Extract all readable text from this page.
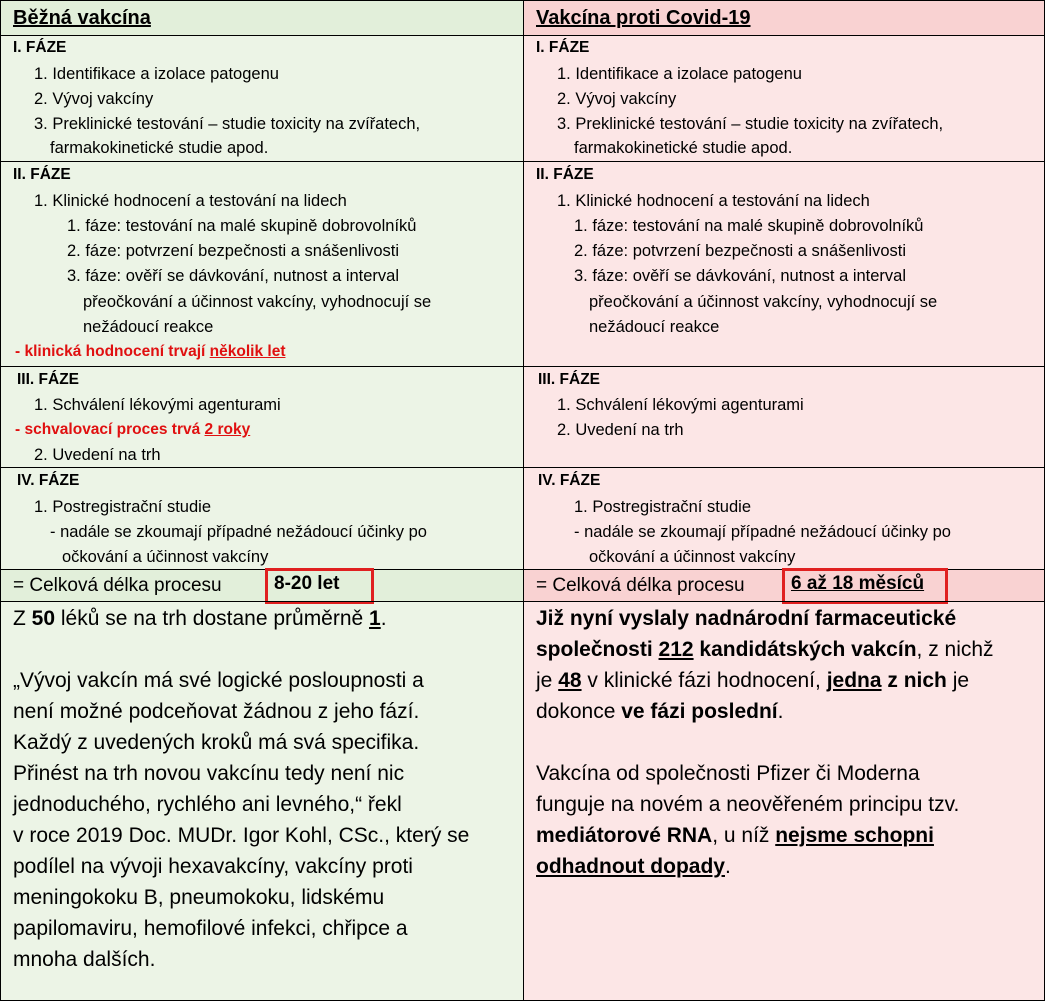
Běžná vakcína
I. FÁZE
1. Identifikace a izolace patogenu
2. Vývoj vakcíny
3. Preklinické testování – studie toxicity na zvířatech,
farmakokinetické studie apod.
II. FÁZE
1. Klinické hodnocení a testování na lidech
1. fáze: testování na malé skupině dobrovolníků
2. fáze: potvrzení bezpečnosti a snášenlivosti
3. fáze: ověří se dávkování, nutnost a interval
přeočkování a účinnost vakcíny, vyhodnocují se
nežádoucí reakce
- klinická hodnocení trvají několik let
III. FÁZE
1. Schválení lékovými agenturami
- schvalovací proces trvá 2 roky
2. Uvedení na trh
IV. FÁZE
1. Postregistrační studie
- nadále se zkoumají případné nežádoucí účinky po
očkování a účinnost vakcíny
= Celková délka procesu	8-20 let
Z 50 léků se na trh dostane průměrně 1.
„Vývoj vakcín má své logické posloupnosti a
není možné podceňovat žádnou z jeho fází.
Každý z uvedených kroků má svá specifika.
Přinést na trh novou vakcínu tedy není nic
jednoduchého, rychlého ani levného,“ řekl
v roce 2019 Doc. MUDr. Igor Kohl, CSc., který se
podílel na vývoji hexavakcíny, vakcíny proti
meningokoku B, pneumokoku, lidskému
papilomaviru, hemofilové infekci, chřipce a
mnoha dalších.
Vakcína proti Covid-19
I. FÁZE
1. Identifikace a izolace patogenu
2. Vývoj vakcíny
3. Preklinické testování – studie toxicity na zvířatech,
farmakokinetické studie apod.
II. FÁZE
1. Klinické hodnocení a testování na lidech
1. fáze: testování na malé skupině dobrovolníků
2. fáze: potvrzení bezpečnosti a snášenlivosti
3. fáze: ověří se dávkování, nutnost a interval
přeočkování a účinnost vakcíny, vyhodnocují se
nežádoucí reakce
III. FÁZE
1. Schválení lékovými agenturami
2. Uvedení na trh
IV. FÁZE
1. Postregistrační studie
- nadále se zkoumají případné nežádoucí účinky po
očkování a účinnost vakcíny
= Celková délka procesu 6 až 18 měsíců
Již nyní vyslaly nadnárodní farmaceutické
společnosti 212 kandidátských vakcín, z nichž
je 48 v klinické fázi hodnocení, jedna z nich je
dokonce ve fázi poslední.
Vakcína od společnosti Pfizer či Moderna
funguje na novém a neověřeném principu tzv.
mediátorové RNA, u níž nejsme schopni
odhadnout dopady.
